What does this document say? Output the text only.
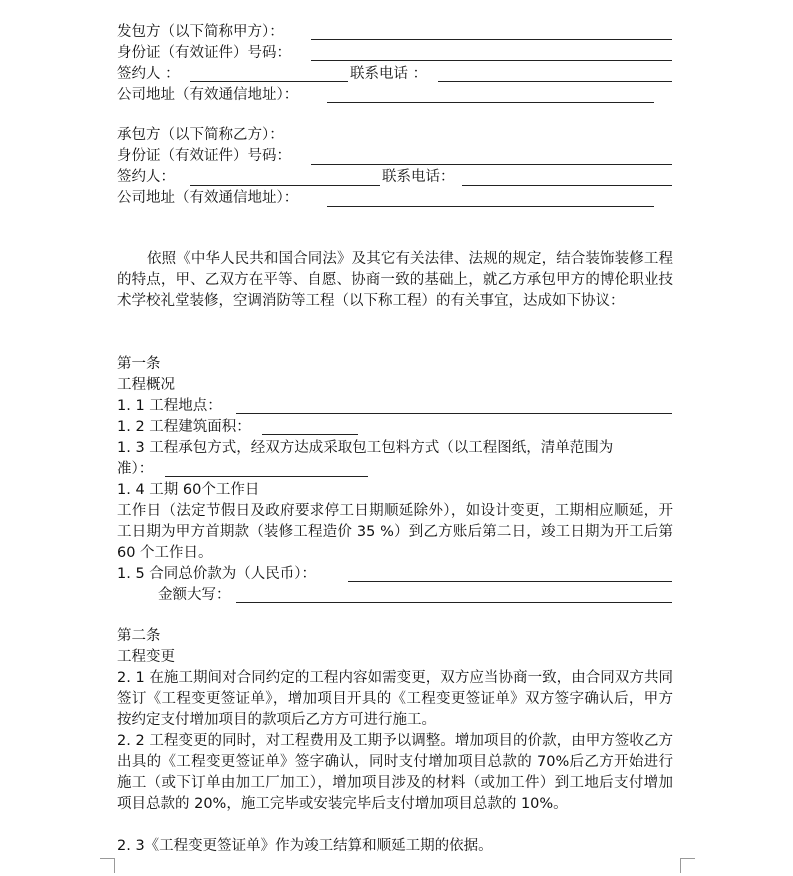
发包方（以下简称甲方）：
身份证（有效证件）号码：
签约人 ：	联系电话 ：
公司地址（有效通信地址）：
承包方（以下简称乙方）：
身份证（有效证件）号码：
签约人：	联系电话：
公司地址（有效通信地址）：
依照《中华人民共和国合同法》及其它有关法律、法规的规定，结合装饰装修工程的特点，甲、乙双方在平等、自愿、协商一致的基础上，就乙方承包甲方的博伦职业技术学校礼堂装修，空调消防等工程（以下称工程）的有关事宜，达成如下协议：
第一条
工程概况
1. 1 工程地点：
1. 2 工程建筑面积：
1. 3 工程承包方式，经双方达成采取包工包料方式（以工程图纸，清单范围为
准）：
1. 4 工期 60个工作日
工作日（法定节假日及政府要求停工日期顺延除外），如设计变更，工期相应顺延，开工日期为甲方首期款（装修工程造价 35 %）到乙方账后第二日，竣工日期为开工后第 60 个工作日。
1. 5 合同总价款为（人民币）：
金额大写：
第二条
工程变更
2. 1 在施工期间对合同约定的工程内容如需变更，双方应当协商一致，由合同双方共同签订《工程变更签证单》，增加项目开具的《工程变更签证单》双方签字确认后，甲方按约定支付增加项目的款项后乙方方可进行施工。
2. 2 工程变更的同时，对工程费用及工期予以调整。增加项目的价款，由甲方签收乙方出具的《工程变更签证单》签字确认，同时支付增加项目总款的 70%后乙方开始进行施工（或下订单由加工厂加工），增加项目涉及的材料（或加工件）到工地后支付增加项目总款的 20%，施工完毕或安装完毕后支付增加项目总款的 10%。
2. 3《工程变更签证单》作为竣工结算和顺延工期的依据。
